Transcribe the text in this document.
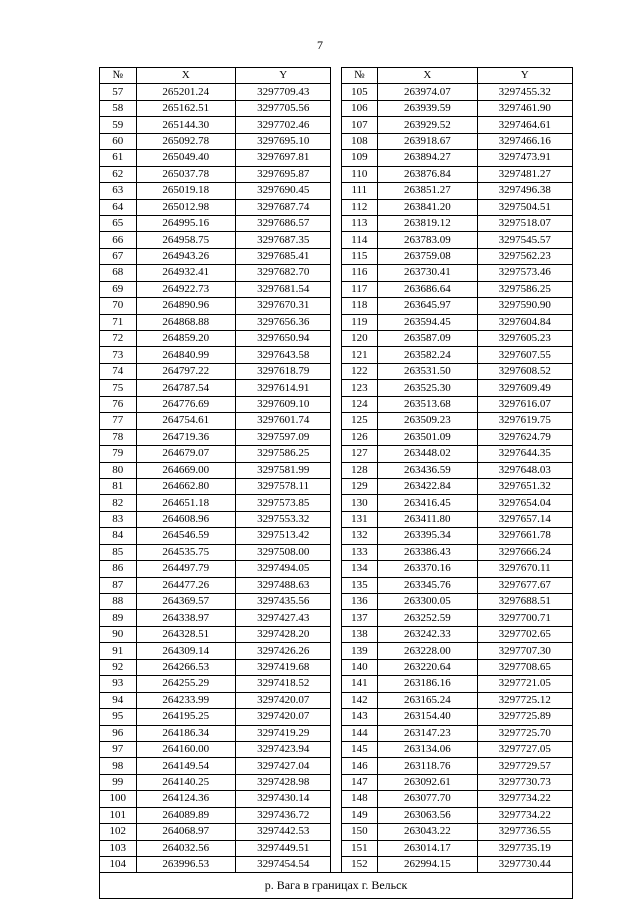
7
№	X	Y		№	X	Y
57	265201.24	3297709.43		105	263974.07	3297455.32
58	265162.51	3297705.56		106	263939.59	3297461.90
59	265144.30	3297702.46		107	263929.52	3297464.61
60	265092.78	3297695.10		108	263918.67	3297466.16
61	265049.40	3297697.81		109	263894.27	3297473.91
62	265037.78	3297695.87		110	263876.84	3297481.27
63	265019.18	3297690.45		111	263851.27	3297496.38
64	265012.98	3297687.74		112	263841.20	3297504.51
65	264995.16	3297686.57		113	263819.12	3297518.07
66	264958.75	3297687.35		114	263783.09	3297545.57
67	264943.26	3297685.41		115	263759.08	3297562.23
68	264932.41	3297682.70		116	263730.41	3297573.46
69	264922.73	3297681.54		117	263686.64	3297586.25
70	264890.96	3297670.31		118	263645.97	3297590.90
71	264868.88	3297656.36		119	263594.45	3297604.84
72	264859.20	3297650.94		120	263587.09	3297605.23
73	264840.99	3297643.58		121	263582.24	3297607.55
74	264797.22	3297618.79		122	263531.50	3297608.52
75	264787.54	3297614.91		123	263525.30	3297609.49
76	264776.69	3297609.10		124	263513.68	3297616.07
77	264754.61	3297601.74		125	263509.23	3297619.75
78	264719.36	3297597.09		126	263501.09	3297624.79
79	264679.07	3297586.25		127	263448.02	3297644.35
80	264669.00	3297581.99		128	263436.59	3297648.03
81	264662.80	3297578.11		129	263422.84	3297651.32
82	264651.18	3297573.85		130	263416.45	3297654.04
83	264608.96	3297553.32		131	263411.80	3297657.14
84	264546.59	3297513.42		132	263395.34	3297661.78
85	264535.75	3297508.00		133	263386.43	3297666.24
86	264497.79	3297494.05		134	263370.16	3297670.11
87	264477.26	3297488.63		135	263345.76	3297677.67
88	264369.57	3297435.56		136	263300.05	3297688.51
89	264338.97	3297427.43		137	263252.59	3297700.71
90	264328.51	3297428.20		138	263242.33	3297702.65
91	264309.14	3297426.26		139	263228.00	3297707.30
92	264266.53	3297419.68		140	263220.64	3297708.65
93	264255.29	3297418.52		141	263186.16	3297721.05
94	264233.99	3297420.07		142	263165.24	3297725.12
95	264195.25	3297420.07		143	263154.40	3297725.89
96	264186.34	3297419.29		144	263147.23	3297725.70
97	264160.00	3297423.94		145	263134.06	3297727.05
98	264149.54	3297427.04		146	263118.76	3297729.57
99	264140.25	3297428.98		147	263092.61	3297730.73
100	264124.36	3297430.14		148	263077.70	3297734.22
101	264089.89	3297436.72		149	263063.56	3297734.22
102	264068.97	3297442.53		150	263043.22	3297736.55
103	264032.56	3297449.51		151	263014.17	3297735.19
104	263996.53	3297454.54		152	262994.15	3297730.44
р. Вага в границах г. Вельск						
